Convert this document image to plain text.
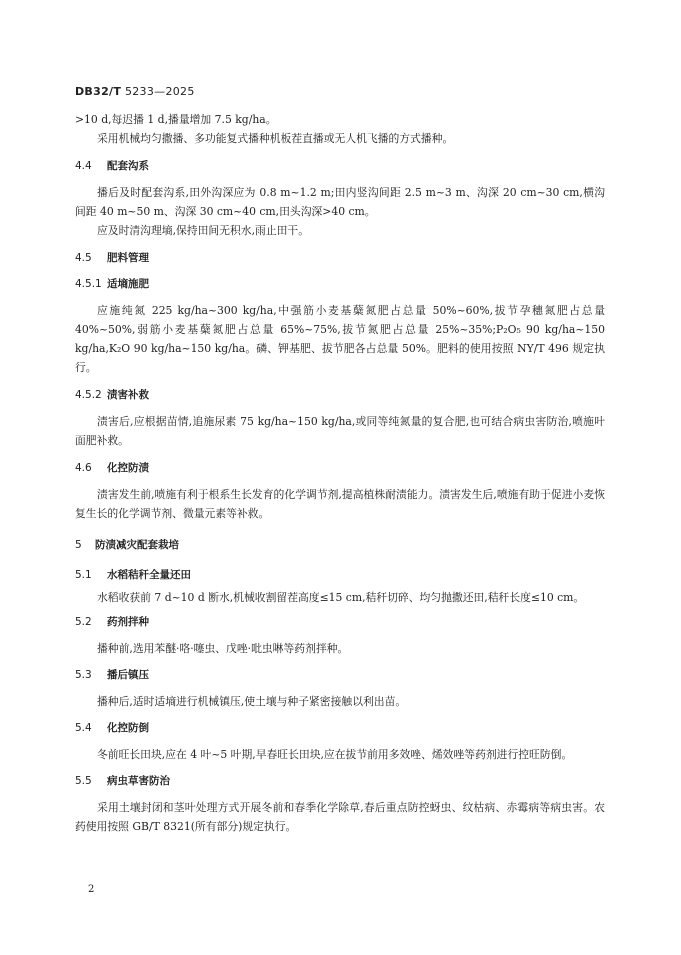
DB32/T 5233—2025

>10 d,每迟播 1 d,播量增加 7.5 kg/ha。

采用机械均匀撒播、多功能复式播种机板茬直播或无人机飞播的方式播种。

4.4 配套沟系

播后及时配套沟系,田外沟深应为 0.8 m~1.2 m;田内竖沟间距 2.5 m~3 m、沟深 20 cm~30 cm,横沟间距 40 m~50 m、沟深 30 cm~40 cm,田头沟深>40 cm。

应及时清沟理墒,保持田间无积水,雨止田干。

4.5 肥料管理
4.5.1 适墒施肥

应施纯氮 225 kg/ha~300 kg/ha,中强筋小麦基蘖氮肥占总量 50%~60%,拔节孕穗氮肥占总量 40%~50%,弱筋小麦基蘖氮肥占总量 65%~75%,拔节氮肥占总量 25%~35%;P₂O₅ 90 kg/ha~150 kg/ha,K₂O 90 kg/ha~150 kg/ha。磷、钾基肥、拔节肥各占总量 50%。肥料的使用按照 NY/T 496 规定执行。

4.5.2 渍害补救

渍害后,应根据苗情,追施尿素 75 kg/ha~150 kg/ha,或同等纯氮量的复合肥,也可结合病虫害防治,喷施叶面肥补救。

4.6 化控防渍

渍害发生前,喷施有利于根系生长发育的化学调节剂,提高植株耐渍能力。渍害发生后,喷施有助于促进小麦恢复生长的化学调节剂、微量元素等补救。

5 防渍减灾配套栽培
5.1 水稻秸秆全量还田

水稻收获前 7 d~10 d 断水,机械收割留茬高度≤15 cm,秸秆切碎、均匀抛撒还田,秸秆长度≤10 cm。

5.2 药剂拌种

播种前,选用苯醚·咯·噻虫、戊唑·吡虫啉等药剂拌种。

5.3 播后镇压

播种后,适时适墒进行机械镇压,使土壤与种子紧密接触以利出苗。

5.4 化控防倒

冬前旺长田块,应在 4 叶~5 叶期,早春旺长田块,应在拔节前用多效唑、烯效唑等药剂进行控旺防倒。

5.5 病虫草害防治

采用土壤封闭和茎叶处理方式开展冬前和春季化学除草,春后重点防控蚜虫、纹枯病、赤霉病等病虫害。农药使用按照 GB/T 8321(所有部分)规定执行。

2
